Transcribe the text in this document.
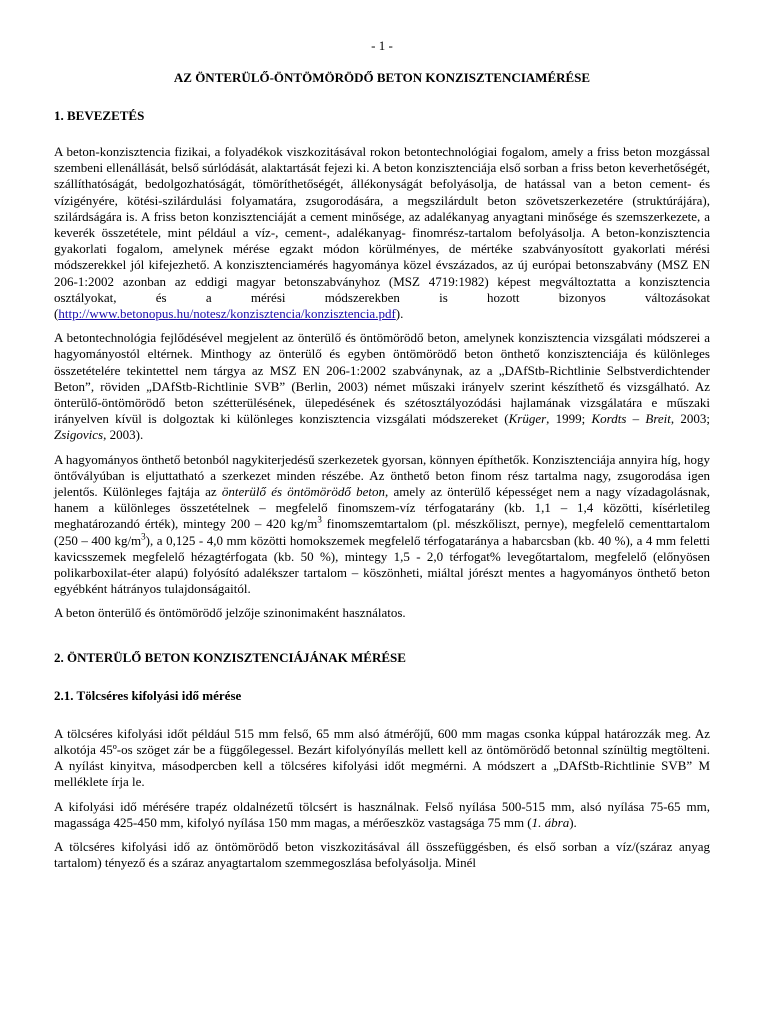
- 1 -
AZ ÖNTERÜLŐ-ÖNTÖMÖRÖDŐ BETON KONZISZTENCIAMÉRÉSE
1. BEVEZETÉS

A beton-konzisztencia fizikai, a folyadékok viszkozitásával rokon betontechnológiai fogalom, amely a friss beton mozgással szembeni ellenállását, belső súrlódását, alaktartását fejezi ki. A beton konzisztenciája első sorban a friss beton keverhetőségét, szállíthatóságát, bedolgozhatóságát, tömöríthetőségét, állékonyságát befolyásolja, de hatással van a beton cement- és vízigényére, kötési-szilárdulási folyamatára, zsugorodására, a megszilárdult beton szövetszerkezetére (struktúrájára), szilárdságára is. A friss beton konzisztenciáját a cement minősége, az adalékanyag anyagtani minősége és szemszerkezete, a keverék összetétele, mint például a víz-, cement-, adalékanyag- finomrész-tartalom befolyásolja. A beton-konzisztencia gyakorlati fogalom, amelynek mérése egzakt módon körülményes, de mértéke szabványosított gyakorlati mérési módszerekkel jól kifejezhető. A konzisztenciamérés hagyománya közel évszázados, az új európai betonszabvány (MSZ EN 206-1:2002 azonban az eddigi magyar betonszabványhoz (MSZ 4719:1982) képest megváltoztatta a konzisztencia osztályokat, és a mérési módszerekben is hozott bizonyos változásokat (http://www.betonopus.hu/notesz/konzisztencia/konzisztencia.pdf).

A betontechnológia fejlődésével megjelent az önterülő és öntömörödő beton, amelynek konzisztencia vizsgálati módszerei a hagyományostól eltérnek. Minthogy az önterülő és egyben öntömörödő beton önthető konzisztenciája és különleges összetételére tekintettel nem tárgya az MSZ EN 206-1:2002 szabványnak, az a „DAfStb-Richtlinie Selbstverdichtender Beton”, röviden „DAfStb-Richtlinie SVB” (Berlin, 2003) német műszaki irányelv szerint készíthető és vizsgálható. Az önterülő-öntömörödő beton szétterülésének, ülepedésének és szétosztályozódási hajlamának vizsgálatára e műszaki irányelven kívül is dolgoztak ki különleges konzisztencia vizsgálati módszereket (Krüger, 1999; Kordts – Breit, 2003; Zsigovics, 2003).

A hagyományos önthető betonból nagykiterjedésű szerkezetek gyorsan, könnyen építhetők. Konzisztenciája annyira híg, hogy öntővályúban is eljuttatható a szerkezet minden részébe. Az önthető beton finom rész tartalma nagy, zsugorodása igen jelentős. Különleges fajtája az önterülő és öntömörödő beton, amely az önterülő képességet nem a nagy vízadagolásnak, hanem a különleges összetételnek – megfelelő finomszem-víz térfogatarány (kb. 1,1 – 1,4 közötti, kísérletileg meghatározandó érték), mintegy 200 – 420 $kg/m^3$ finomszemtartalom (pl. mészkőliszt, pernye), megfelelő cementtartalom (250 – 400 $kg/m^3$), a 0,125 - 4,0 mm közötti homokszemek megfelelő térfogataránya a habarcsban (kb. 40 %), a 4 mm feletti kavicsszemek megfelelő hézagtérfogata (kb. 50 %), mintegy 1,5 - 2,0 térfogat% levegőtartalom, megfelelő (előnyösen polikarboxilat-éter alapú) folyósító adalékszer tartalom – köszönheti, miáltal jórészt mentes a hagyományos önthető beton egyébként hátrányos tulajdonságaitól.

A beton önterülő és öntömörödő jelzője szinonimaként használatos.

2. ÖNTERÜLŐ BETON KONZISZTENCIÁJÁNAK MÉRÉSE
2.1. Tölcséres kifolyási idő mérése

A tölcséres kifolyási időt például 515 mm felső, 65 mm alsó átmérőjű, 600 mm magas csonka kúppal határozzák meg. Az alkotója 45º-os szöget zár be a függőlegessel. Bezárt kifolyónyílás mellett kell az öntömörödő betonnal színültig megtölteni. A nyílást kinyitva, másodpercben kell a tölcséres kifolyási időt megmérni. A módszert a „DAfStb-Richtlinie SVB” M melléklete írja le.

A kifolyási idő mérésére trapéz oldalnézetű tölcsért is használnak. Felső nyílása 500-515 mm, alsó nyílása 75-65 mm, magassága 425-450 mm, kifolyó nyílása 150 mm magas, a mérőeszköz vastagsága 75 mm (1. ábra).

A tölcséres kifolyási idő az öntömörödő beton viszkozitásával áll összefüggésben, és első sorban a víz/(száraz anyag tartalom) tényező és a száraz anyagtartalom szemmegoszlása befolyásolja. Minél
